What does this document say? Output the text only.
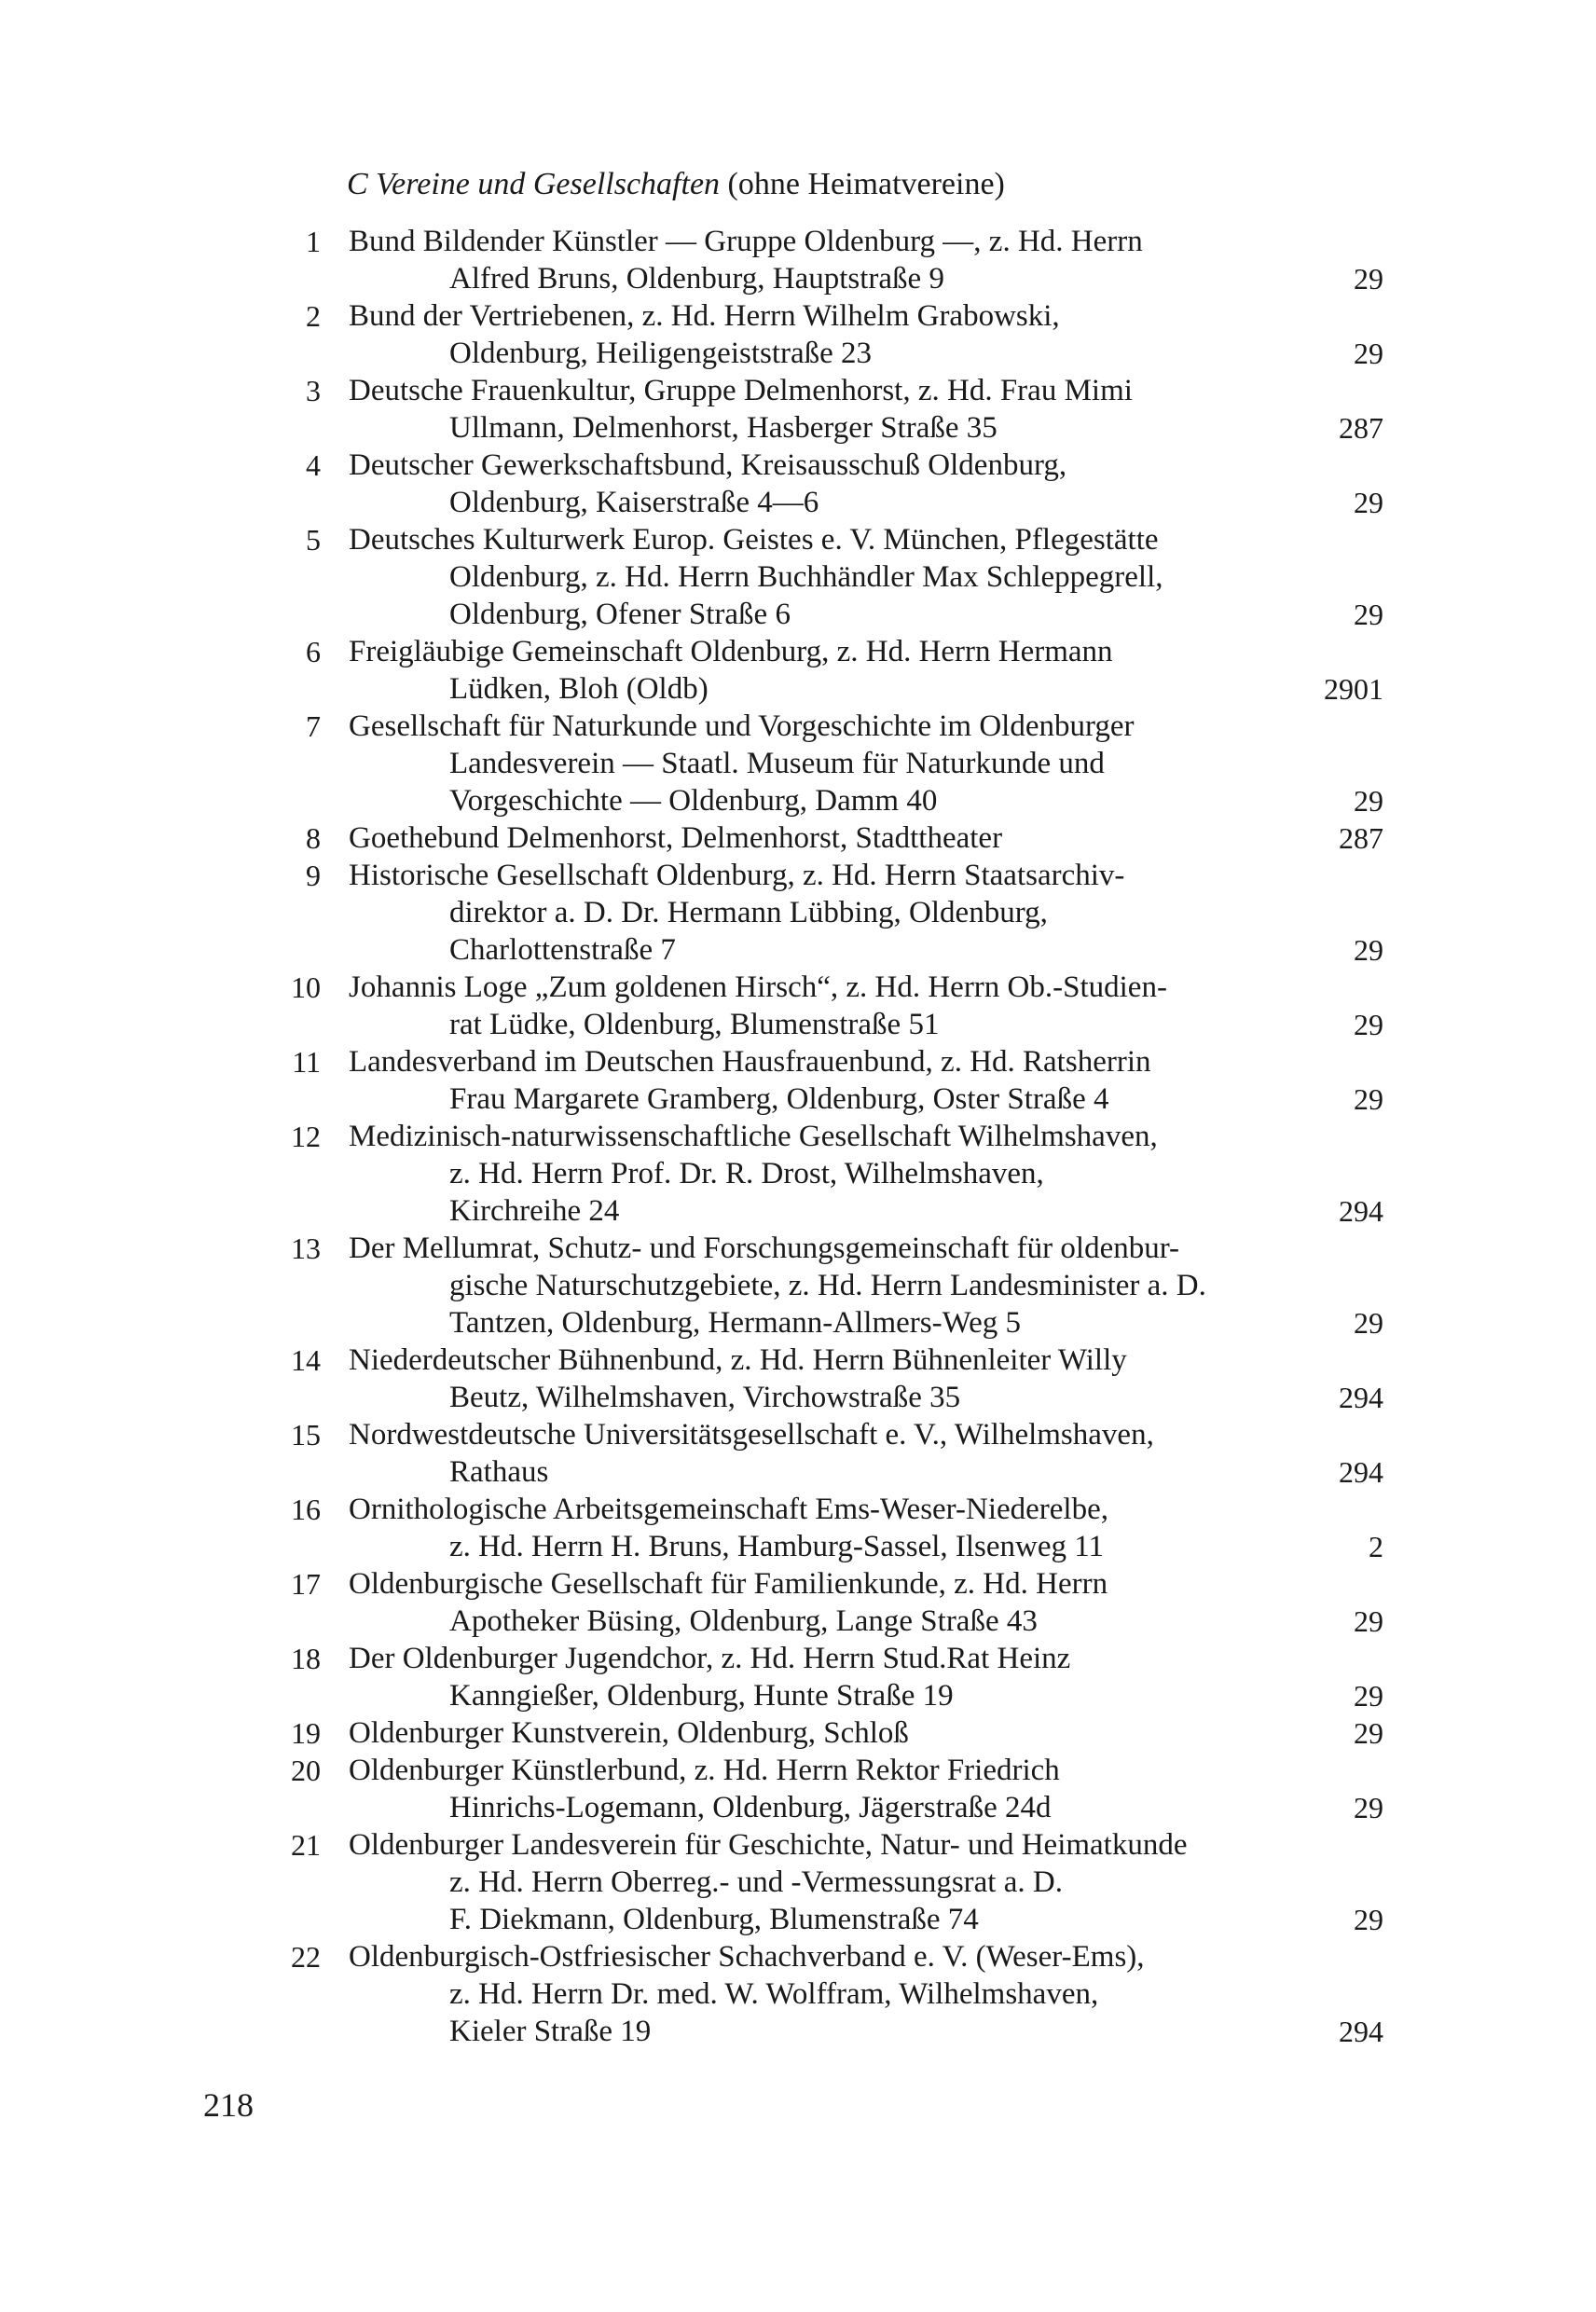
C Vereine und Gesellschaften (ohne Heimatvereine)
1 Bund Bildender Künstler — Gruppe Oldenburg —, z. Hd. Herrn
Alfred Bruns, Oldenburg, Hauptstraße 9	29
2 Bund der Vertriebenen, z. Hd. Herrn Wilhelm Grabowski,
Oldenburg, Heiligengeiststraße 23	29
3 Deutsche Frauenkultur, Gruppe Delmenhorst, z. Hd. Frau Mimi
Ullmann, Delmenhorst, Hasberger Straße 35	287
4 Deutscher Gewerkschaftsbund, Kreisausschuß Oldenburg,
Oldenburg, Kaiserstraße 4—6	29
5 Deutsches Kulturwerk Europ. Geistes e. V. München, Pflegestätte
Oldenburg, z. Hd. Herrn Buchhändler Max Schleppegrell,
Oldenburg, Ofener Straße 6	29
6 Freigläubige Gemeinschaft Oldenburg, z. Hd. Herrn Hermann
Lüdken, Bloh (Oldb)	2901
7 Gesellschaft für Naturkunde und Vorgeschichte im Oldenburger
Landesverein — Staatl. Museum für Naturkunde und
Vorgeschichte — Oldenburg, Damm 40	29
8 Goethebund Delmenhorst, Delmenhorst, Stadttheater	287
9 Historische Gesellschaft Oldenburg, z. Hd. Herrn Staatsarchiv-
direktor a. D. Dr. Hermann Lübbing, Oldenburg,
Charlottenstraße 7	29
10 Johannis Loge „Zum goldenen Hirsch“, z. Hd. Herrn Ob.-Studien-
rat Lüdke, Oldenburg, Blumenstraße 51	29
11 Landesverband im Deutschen Hausfrauenbund, z. Hd. Ratsherrin
Frau Margarete Gramberg, Oldenburg, Oster Straße 4	29
12 Medizinisch-naturwissenschaftliche Gesellschaft Wilhelmshaven,
z. Hd. Herrn Prof. Dr. R. Drost, Wilhelmshaven,
Kirchreihe 24	294
13 Der Mellumrat, Schutz- und Forschungsgemeinschaft für oldenbur-
gische Naturschutzgebiete, z. Hd. Herrn Landesminister a. D.
Tantzen, Oldenburg, Hermann-Allmers-Weg 5	29
14 Niederdeutscher Bühnenbund, z. Hd. Herrn Bühnenleiter Willy
Beutz, Wilhelmshaven, Virchowstraße 35	294
15 Nordwestdeutsche Universitätsgesellschaft e. V., Wilhelmshaven,
Rathaus	294
16 Ornithologische Arbeitsgemeinschaft Ems-Weser-Niederelbe,
z. Hd. Herrn H. Bruns, Hamburg-Sassel, Ilsenweg 11	2
17 Oldenburgische Gesellschaft für Familienkunde, z. Hd. Herrn
Apotheker Büsing, Oldenburg, Lange Straße 43	29
18 Der Oldenburger Jugendchor, z. Hd. Herrn Stud.Rat Heinz
Kanngießer, Oldenburg, Hunte Straße 19	29
19 Oldenburger Kunstverein, Oldenburg, Schloß	29
20 Oldenburger Künstlerbund, z. Hd. Herrn Rektor Friedrich
Hinrichs-Logemann, Oldenburg, Jägerstraße 24d	29
21 Oldenburger Landesverein für Geschichte, Natur- und Heimatkunde
z. Hd. Herrn Oberreg.- und -Vermessungsrat a. D.
F. Diekmann, Oldenburg, Blumenstraße 74	29
22 Oldenburgisch-Ostfriesischer Schachverband e. V. (Weser-Ems),
z. Hd. Herrn Dr. med. W. Wolffram, Wilhelmshaven,
Kieler Straße 19	294
218
